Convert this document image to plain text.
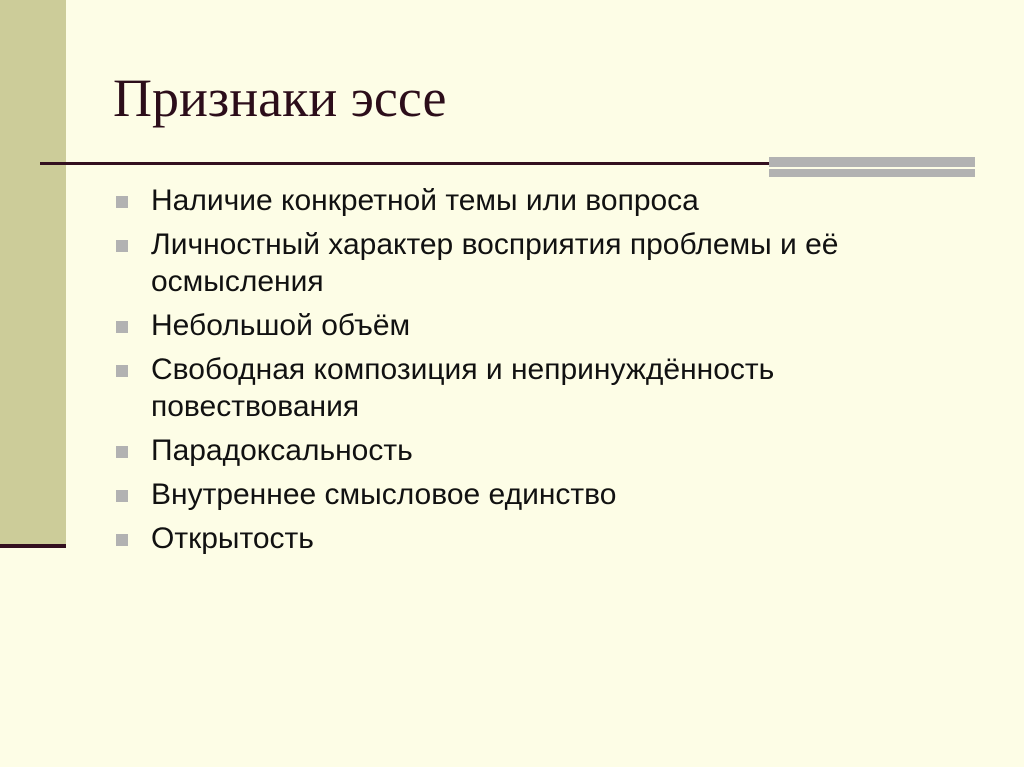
Признаки эссе
Наличие конкретной темы или вопроса
Личностный характер восприятия проблемы и её осмысления
Небольшой объём
Свободная композиция и непринуждённость повествования
Парадоксальность
Внутреннее смысловое единство
Открытость
